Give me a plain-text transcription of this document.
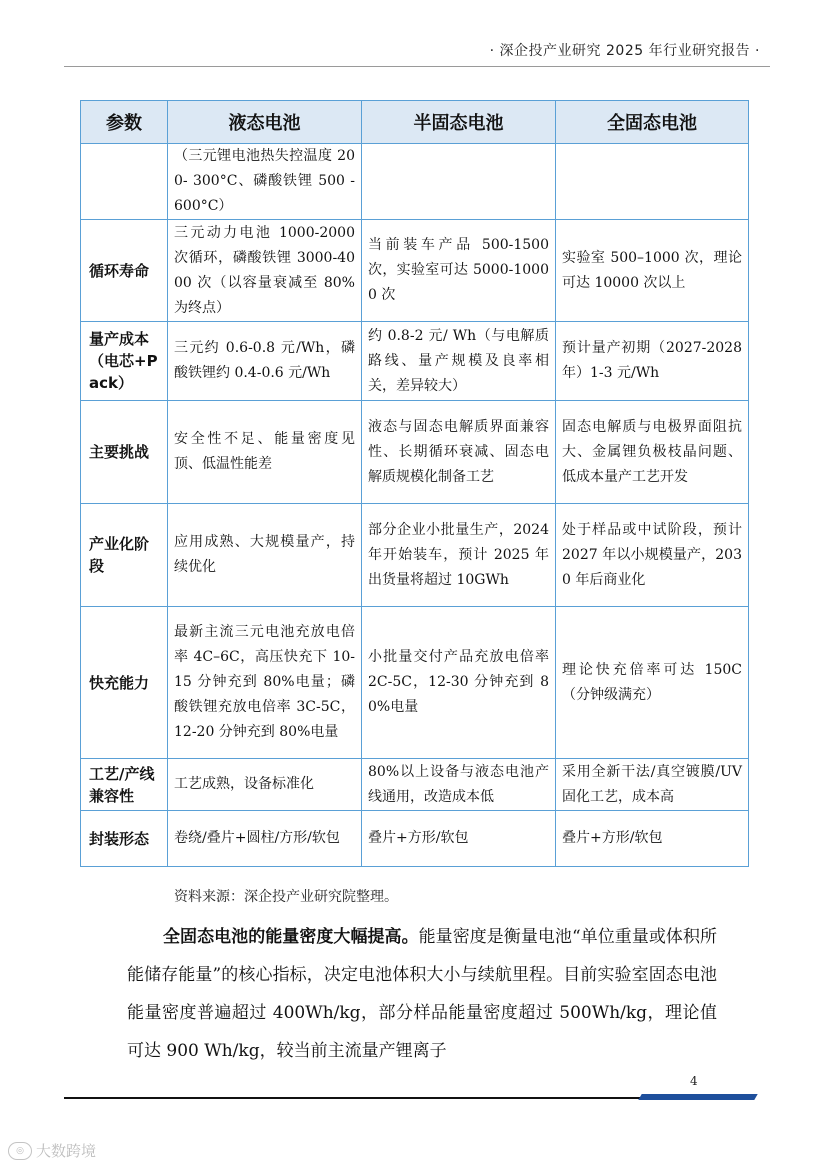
· 深企投产业研究 2025 年行业研究报告 ·
参数	液态电池	半固态电池	全固态电池
	（三元锂电池热失控温度 200- 300°C、磷酸铁锂 500 -600°C）		
循环寿命	三元动力电池 1000-2000 次循环，磷酸铁锂 3000-4000 次（以容量衰减至 80%为终点）	当前装车产品 500-1500 次，实验室可达 5000-10000 次	实验室 500–1000 次，理论可达 10000 次以上
量产成本（电芯+Pack）	三元约 0.6-0.8 元/Wh，磷酸铁锂约 0.4-0.6 元/Wh	约 0.8-2 元/ Wh（与电解质路线、量产规模及良率相关，差异较大）	预计量产初期（2027-2028 年）1-3 元/Wh
主要挑战	安全性不足、能量密度见顶、低温性能差	液态与固态电解质界面兼容性、长期循环衰减、固态电解质规模化制备工艺	固态电解质与电极界面阻抗大、金属锂负极枝晶问题、低成本量产工艺开发
产业化阶段	应用成熟、大规模量产，持续优化	部分企业小批量生产，2024 年开始装车，预计 2025 年出货量将超过 10GWh	处于样品或中试阶段，预计 2027 年以小规模量产，2030 年后商业化
快充能力	最新主流三元电池充放电倍率 4C–6C，高压快充下 10-15 分钟充到 80%电量；磷酸铁锂充放电倍率 3C-5C，12-20 分钟充到 80%电量	小批量交付产品充放电倍率 2C-5C，12-30 分钟充到 80%电量	理论快充倍率可达 150C （分钟级满充）
工艺/产线兼容性	工艺成熟，设备标准化	80%以上设备与液态电池产线通用，改造成本低	采用全新干法/真空镀膜/UV 固化工艺，成本高
封装形态	卷绕/叠片+圆柱/方形/软包	叠片+方形/软包	叠片+方形/软包
资料来源：深企投产业研究院整理。

全固态电池的能量密度大幅提高。能量密度是衡量电池“单位重量或体积所能储存能量”的核心指标，决定电池体积大小与续航里程。目前实验室固态电池能量密度普遍超过 400Wh/kg，部分样品能量密度超过 500Wh/kg，理论值可达 900 Wh/kg，较当前主流量产锂离子

4
◎ 大数跨境
